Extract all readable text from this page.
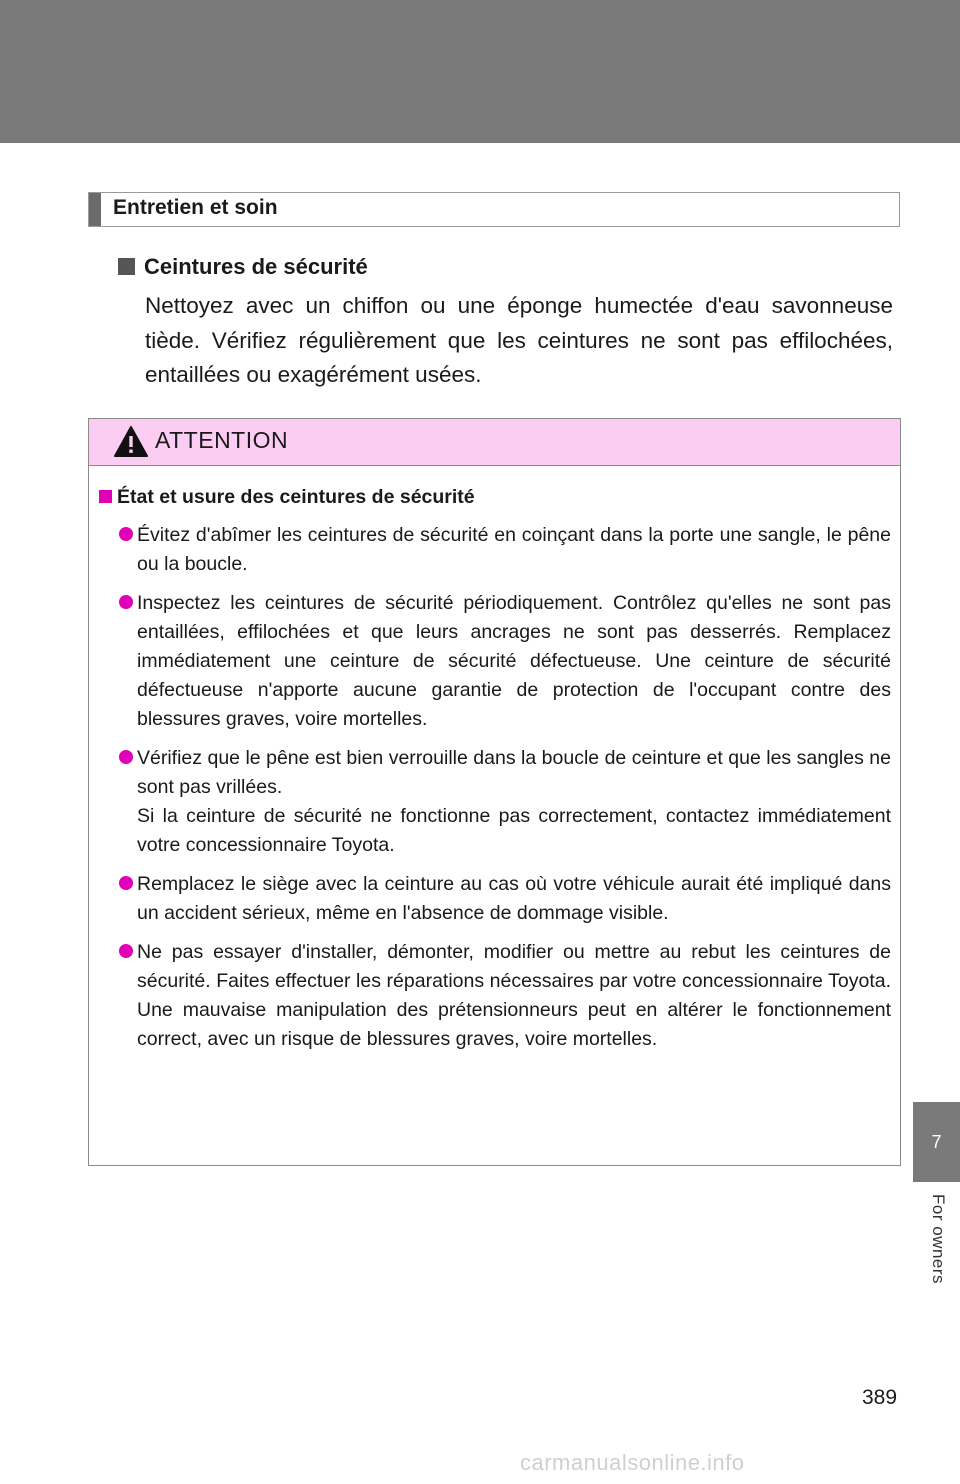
Entretien et soin
Ceintures de sécurité

Nettoyez avec un chiffon ou une éponge humectée d'eau savonneuse tiède. Vérifiez régulièrement que les ceintures ne sont pas effilochées, entaillées ou exagérément usées.

ATTENTION
État et usure des ceintures de sécurité

Évitez d'abîmer les ceintures de sécurité en coinçant dans la porte une sangle, le pêne ou la boucle.

Inspectez les ceintures de sécurité périodiquement. Contrôlez qu'elles ne sont pas entaillées, effilochées et que leurs ancrages ne sont pas desserrés. Remplacez immédiatement une ceinture de sécurité défectueuse. Une ceinture de sécurité défectueuse n'apporte aucune garantie de protection de l'occupant contre des blessures graves, voire mortelles.

Vérifiez que le pêne est bien verrouille dans la boucle de ceinture et que les sangles ne sont pas vrillées.
Si la ceinture de sécurité ne fonctionne pas correctement, contactez immédiatement votre concessionnaire Toyota.

Remplacez le siège avec la ceinture au cas où votre véhicule aurait été impliqué dans un accident sérieux, même en l'absence de dommage visible.

Ne pas essayer d'installer, démonter, modifier ou mettre au rebut les ceintures de sécurité. Faites effectuer les réparations nécessaires par votre concessionnaire Toyota. Une mauvaise manipulation des prétensionneurs peut en altérer le fonctionnement correct, avec un risque de blessures graves, voire mortelles.

7
For owners
389
carmanualsonline.info
